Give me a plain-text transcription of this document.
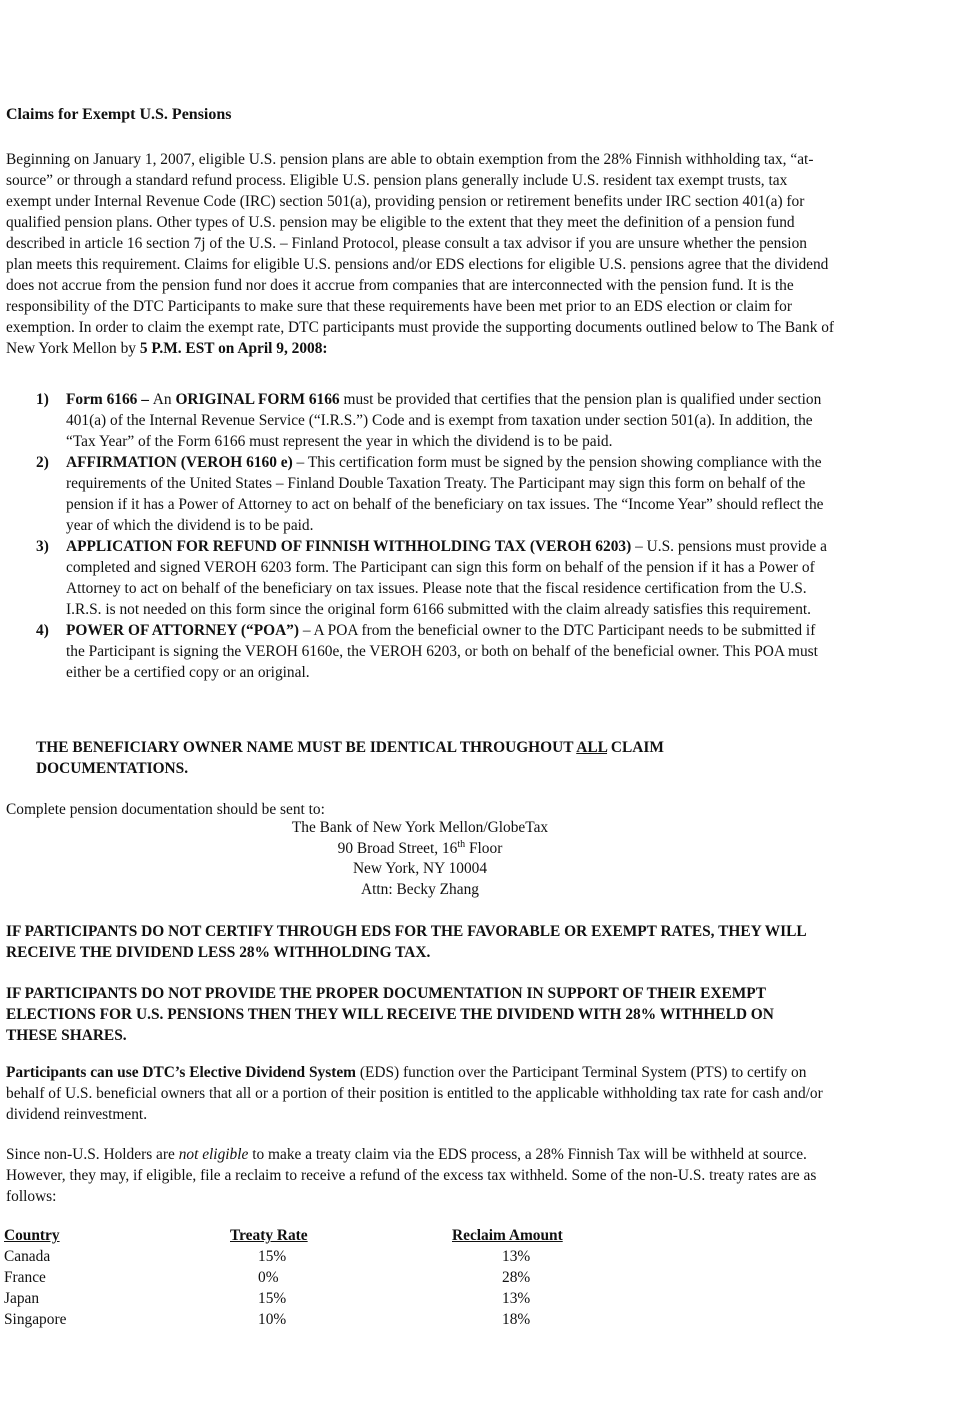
Claims for Exempt U.S. Pensions

Beginning on January 1, 2007, eligible U.S. pension plans are able to obtain exemption from the 28% Finnish withholding tax, “at-source” or through a standard refund process. Eligible U.S. pension plans generally include U.S. resident tax exempt trusts, tax exempt under Internal Revenue Code (IRC) section 501(a), providing pension or retirement benefits under IRC section 401(a) for qualified pension plans. Other types of U.S. pension may be eligible to the extent that they meet the definition of a pension fund described in article 16 section 7j of the U.S. – Finland Protocol, please consult a tax advisor if you are unsure whether the pension plan meets this requirement. Claims for eligible U.S. pensions and/or EDS elections for eligible U.S. pensions agree that the dividend does not accrue from the pension fund nor does it accrue from companies that are interconnected with the pension fund. It is the responsibility of the DTC Participants to make sure that these requirements have been met prior to an EDS election or claim for exemption. In order to claim the exempt rate, DTC participants must provide the supporting documents outlined below to The Bank of New York Mellon by 5 P.M. EST on April 9, 2008:

1) Form 6166 – An ORIGINAL FORM 6166 must be provided that certifies that the pension plan is qualified under section 401(a) of the Internal Revenue Service (“I.R.S.”) Code and is exempt from taxation under section 501(a). In addition, the “Tax Year” of the Form 6166 must represent the year in which the dividend is to be paid.
2) AFFIRMATION (VEROH 6160 e) – This certification form must be signed by the pension showing compliance with the requirements of the United States – Finland Double Taxation Treaty. The Participant may sign this form on behalf of the pension if it has a Power of Attorney to act on behalf of the beneficiary on tax issues. The “Income Year” should reflect the year of which the dividend is to be paid.
3) APPLICATION FOR REFUND OF FINNISH WITHHOLDING TAX (VEROH 6203) – U.S. pensions must provide a completed and signed VEROH 6203 form. The Participant can sign this form on behalf of the pension if it has a Power of Attorney to act on behalf of the beneficiary on tax issues. Please note that the fiscal residence certification from the U.S. I.R.S. is not needed on this form since the original form 6166 submitted with the claim already satisfies this requirement.
4) POWER OF ATTORNEY (“POA”) – A POA from the beneficial owner to the DTC Participant needs to be submitted if the Participant is signing the VEROH 6160e, the VEROH 6203, or both on behalf of the beneficial owner. This POA must either be a certified copy or an original.

THE BENEFICIARY OWNER NAME MUST BE IDENTICAL THROUGHOUT ALL CLAIM DOCUMENTATIONS.

Complete pension documentation should be sent to:

The Bank of New York Mellon/GlobeTax
90 Broad Street, 16th Floor
New York, NY 10004
Attn: Becky Zhang

IF PARTICIPANTS DO NOT CERTIFY THROUGH EDS FOR THE FAVORABLE OR EXEMPT RATES, THEY WILL RECEIVE THE DIVIDEND LESS 28% WITHHOLDING TAX.

IF PARTICIPANTS DO NOT PROVIDE THE PROPER DOCUMENTATION IN SUPPORT OF THEIR EXEMPT ELECTIONS FOR U.S. PENSIONS THEN THEY WILL RECEIVE THE DIVIDEND WITH 28% WITHHELD ON THESE SHARES.

Participants can use DTC’s Elective Dividend System (EDS) function over the Participant Terminal System (PTS) to certify on behalf of U.S. beneficial owners that all or a portion of their position is entitled to the applicable withholding tax rate for cash and/or dividend reinvestment.

Since non-U.S. Holders are not eligible to make a treaty claim via the EDS process, a 28% Finnish Tax will be withheld at source. However, they may, if eligible, file a reclaim to receive a refund of the excess tax withheld. Some of the non-U.S. treaty rates are as follows:

Country	Treaty Rate	Reclaim Amount
Canada	15%	13%
France	0%	28%
Japan	15%	13%
Singapore	10%	18%
